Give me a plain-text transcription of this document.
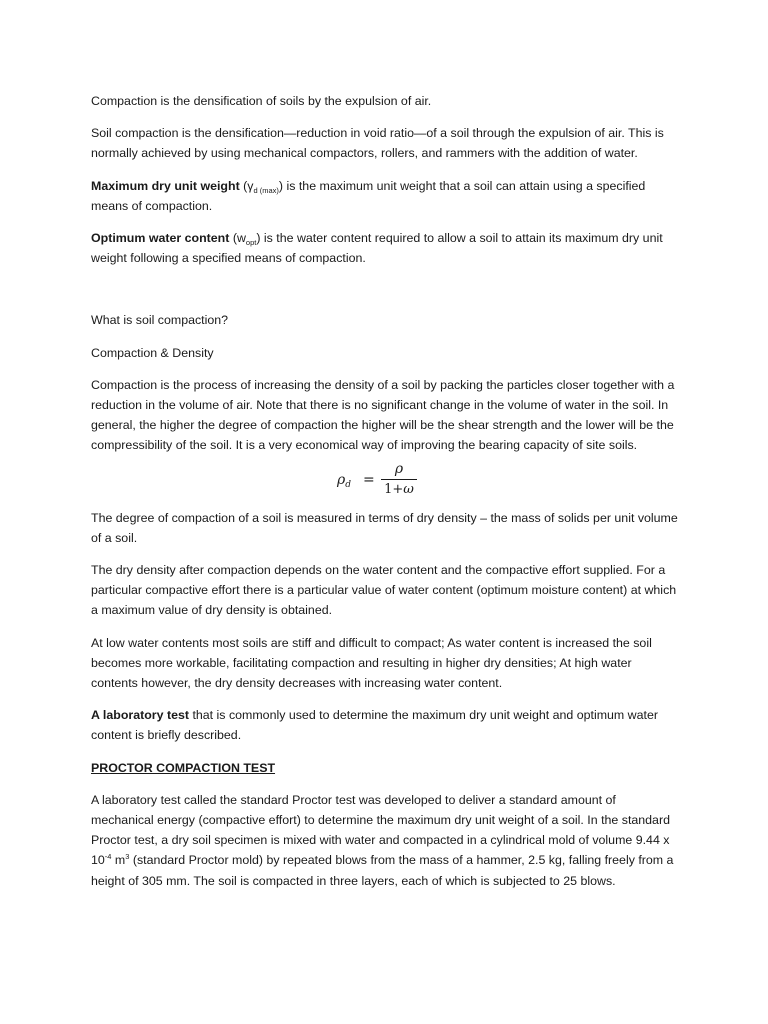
Compaction is the densification of soils by the expulsion of air.

Soil compaction is the densification—reduction in void ratio—of a soil through the expulsion of air. This is normally achieved by using mechanical compactors, rollers, and rammers with the addition of water.

Maximum dry unit weight $(\gamma_{d (max)})$ is the maximum unit weight that a soil can attain using a specified means of compaction.

Optimum water content $(w_{opt})$ is the water content required to allow a soil to attain its maximum dry unit weight following a specified means of compaction.

What is soil compaction?

Compaction & Density

Compaction is the process of increasing the density of a soil by packing the particles closer together with a reduction in the volume of air. Note that there is no significant change in the volume of water in the soil. In general, the higher the degree of compaction the higher will be the shear strength and the lower will be the compressibility of the soil. It is a very economical way of improving the bearing capacity of site soils.

$\rho_d$ =
ρ
1+ω

The degree of compaction of a soil is measured in terms of dry density – the mass of solids per unit volume of a soil.

The dry density after compaction depends on the water content and the compactive effort supplied. For a particular compactive effort there is a particular value of water content (optimum moisture content) at which a maximum value of dry density is obtained.

At low water contents most soils are stiff and difficult to compact; As water content is increased the soil becomes more workable, facilitating compaction and resulting in higher dry densities; At high water contents however, the dry density decreases with increasing water content.

A laboratory test that is commonly used to determine the maximum dry unit weight and optimum water content is briefly described.

PROCTOR COMPACTION TEST

A laboratory test called the standard Proctor test was developed to deliver a standard amount of mechanical energy (compactive effort) to determine the maximum dry unit weight of a soil. In the standard Proctor test, a dry soil specimen is mixed with water and compacted in a cylindrical mold of volume 9.44 x $10^{-4}$ $m^3$ (standard Proctor mold) by repeated blows from the mass of a hammer, 2.5 kg, falling freely from a height of 305 mm. The soil is compacted in three layers, each of which is subjected to 25 blows.
